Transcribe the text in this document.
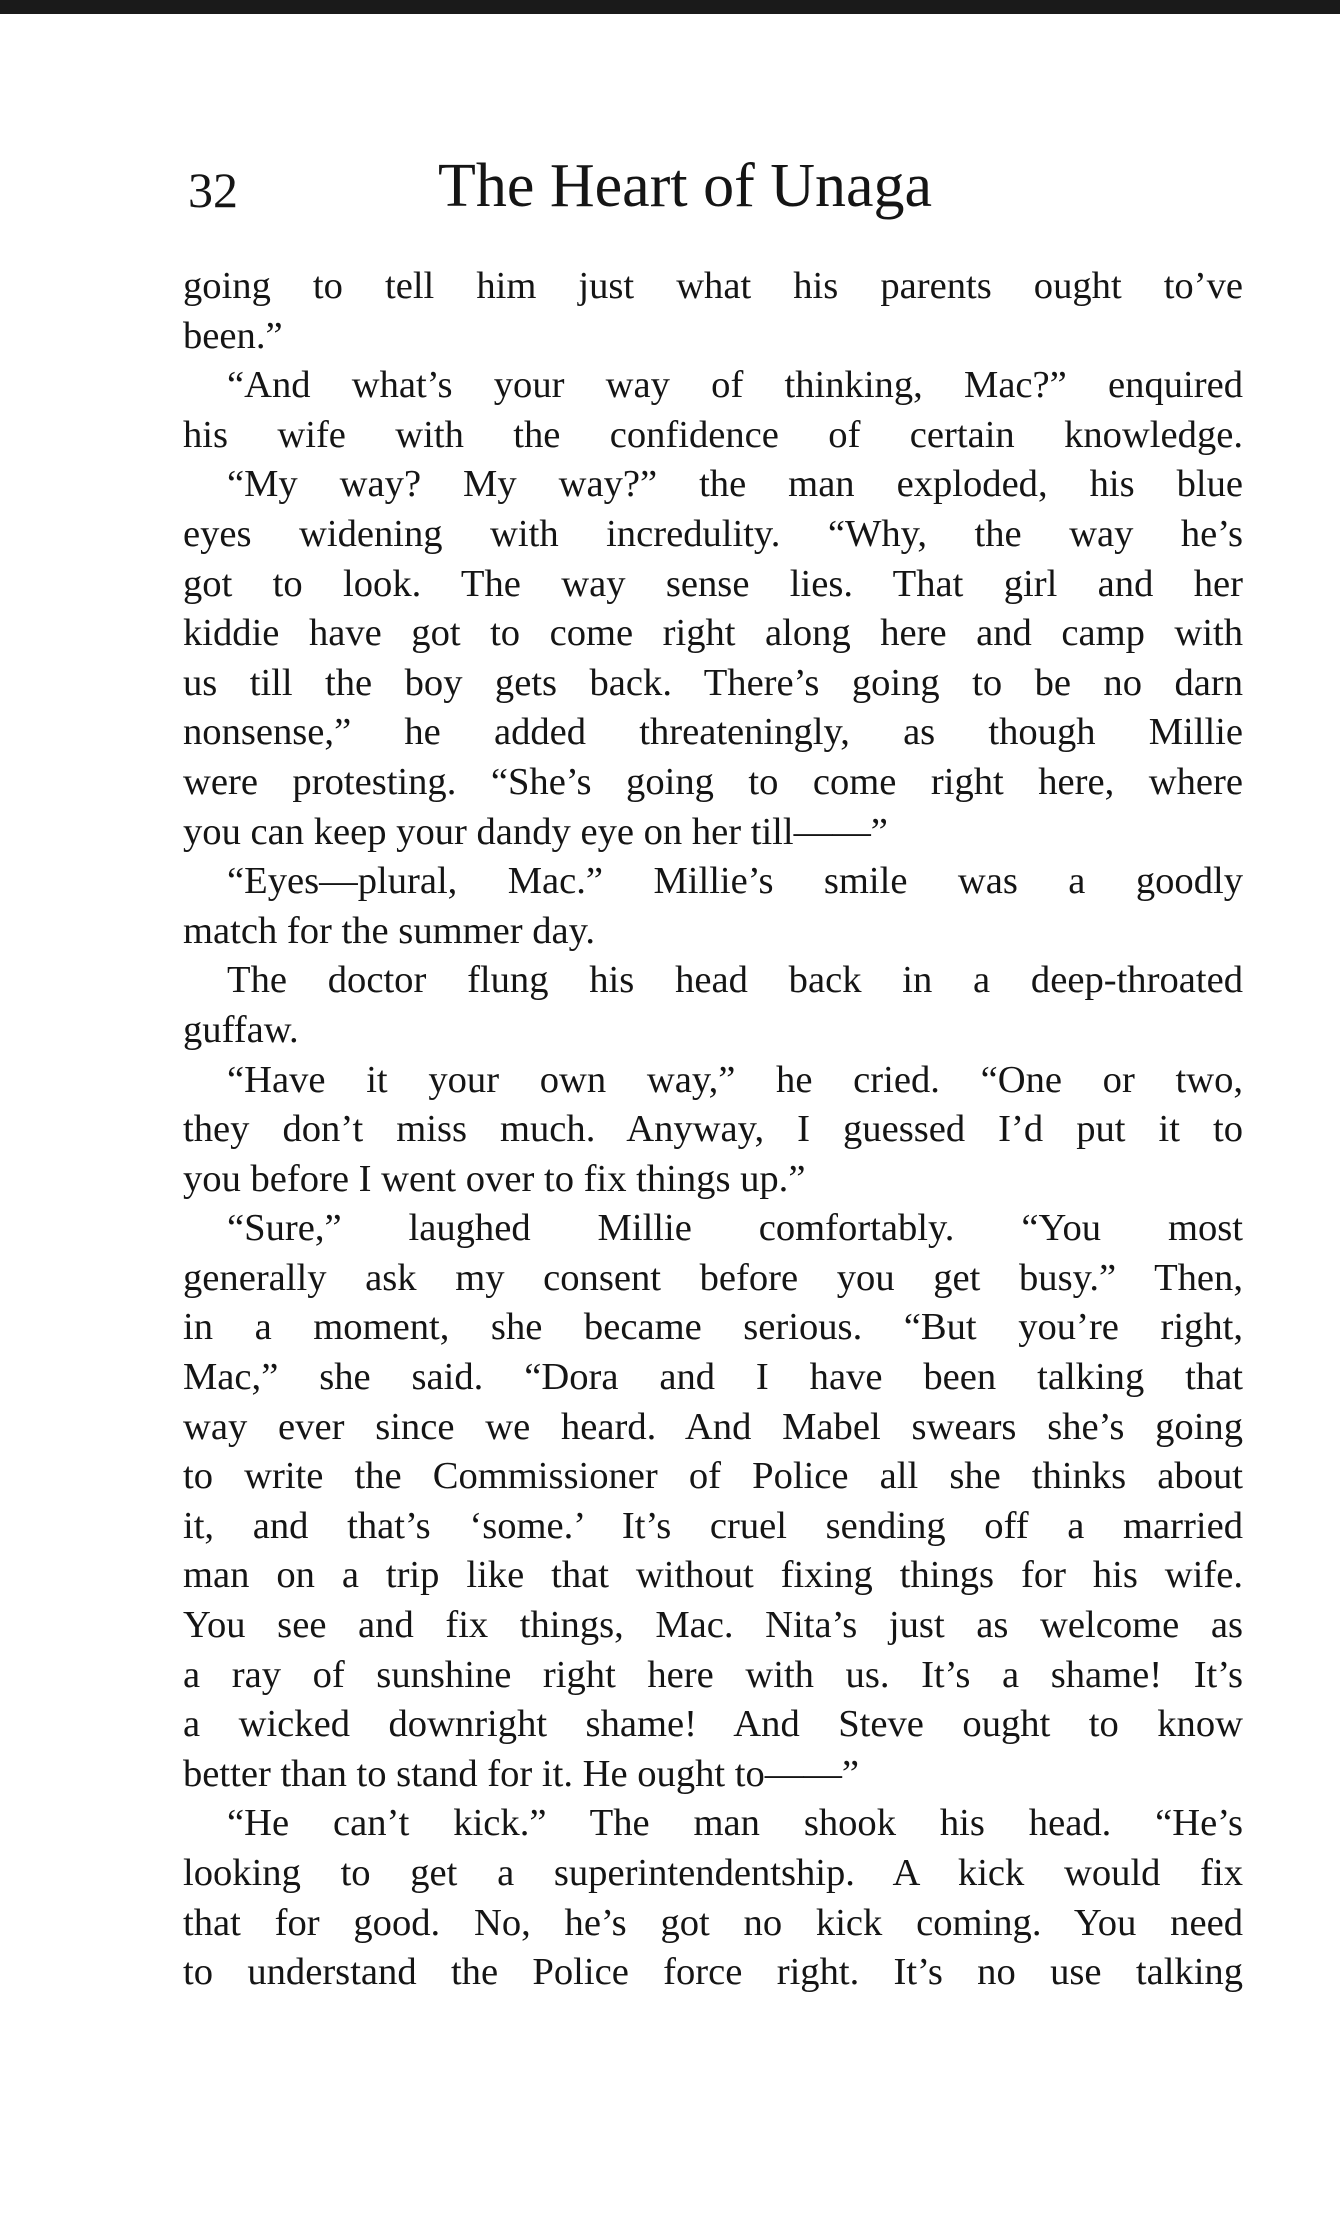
32	The Heart of Unaga
going to tell him just what his parents ought to’ve
been.”
“And what’s your way of thinking, Mac?” enquired
his wife with the confidence of certain knowledge.
“My way? My way?” the man exploded, his blue
eyes widening with incredulity. “Why, the way he’s
got to look. The way sense lies. That girl and her
kiddie have got to come right along here and camp with
us till the boy gets back. There’s going to be no darn
nonsense,” he added threateningly, as though Millie
were protesting. “She’s going to come right here, where
you can keep your dandy eye on her till——”
“Eyes—plural, Mac.” Millie’s smile was a goodly
match for the summer day.
The doctor flung his head back in a deep-throated
guffaw.
“Have it your own way,” he cried. “One or two,
they don’t miss much. Anyway, I guessed I’d put it to
you before I went over to fix things up.”
“Sure,” laughed Millie comfortably. “You most
generally ask my consent before you get busy.” Then,
in a moment, she became serious. “But you’re right,
Mac,” she said. “Dora and I have been talking that
way ever since we heard. And Mabel swears she’s going
to write the Commissioner of Police all she thinks about
it, and that’s ‘some.’ It’s cruel sending off a married
man on a trip like that without fixing things for his wife.
You see and fix things, Mac. Nita’s just as welcome as
a ray of sunshine right here with us. It’s a shame! It’s
a wicked downright shame! And Steve ought to know
better than to stand for it. He ought to——”
“He can’t kick.” The man shook his head. “He’s
looking to get a superintendentship. A kick would fix
that for good. No, he’s got no kick coming. You need
to understand the Police force right. It’s no use talking
